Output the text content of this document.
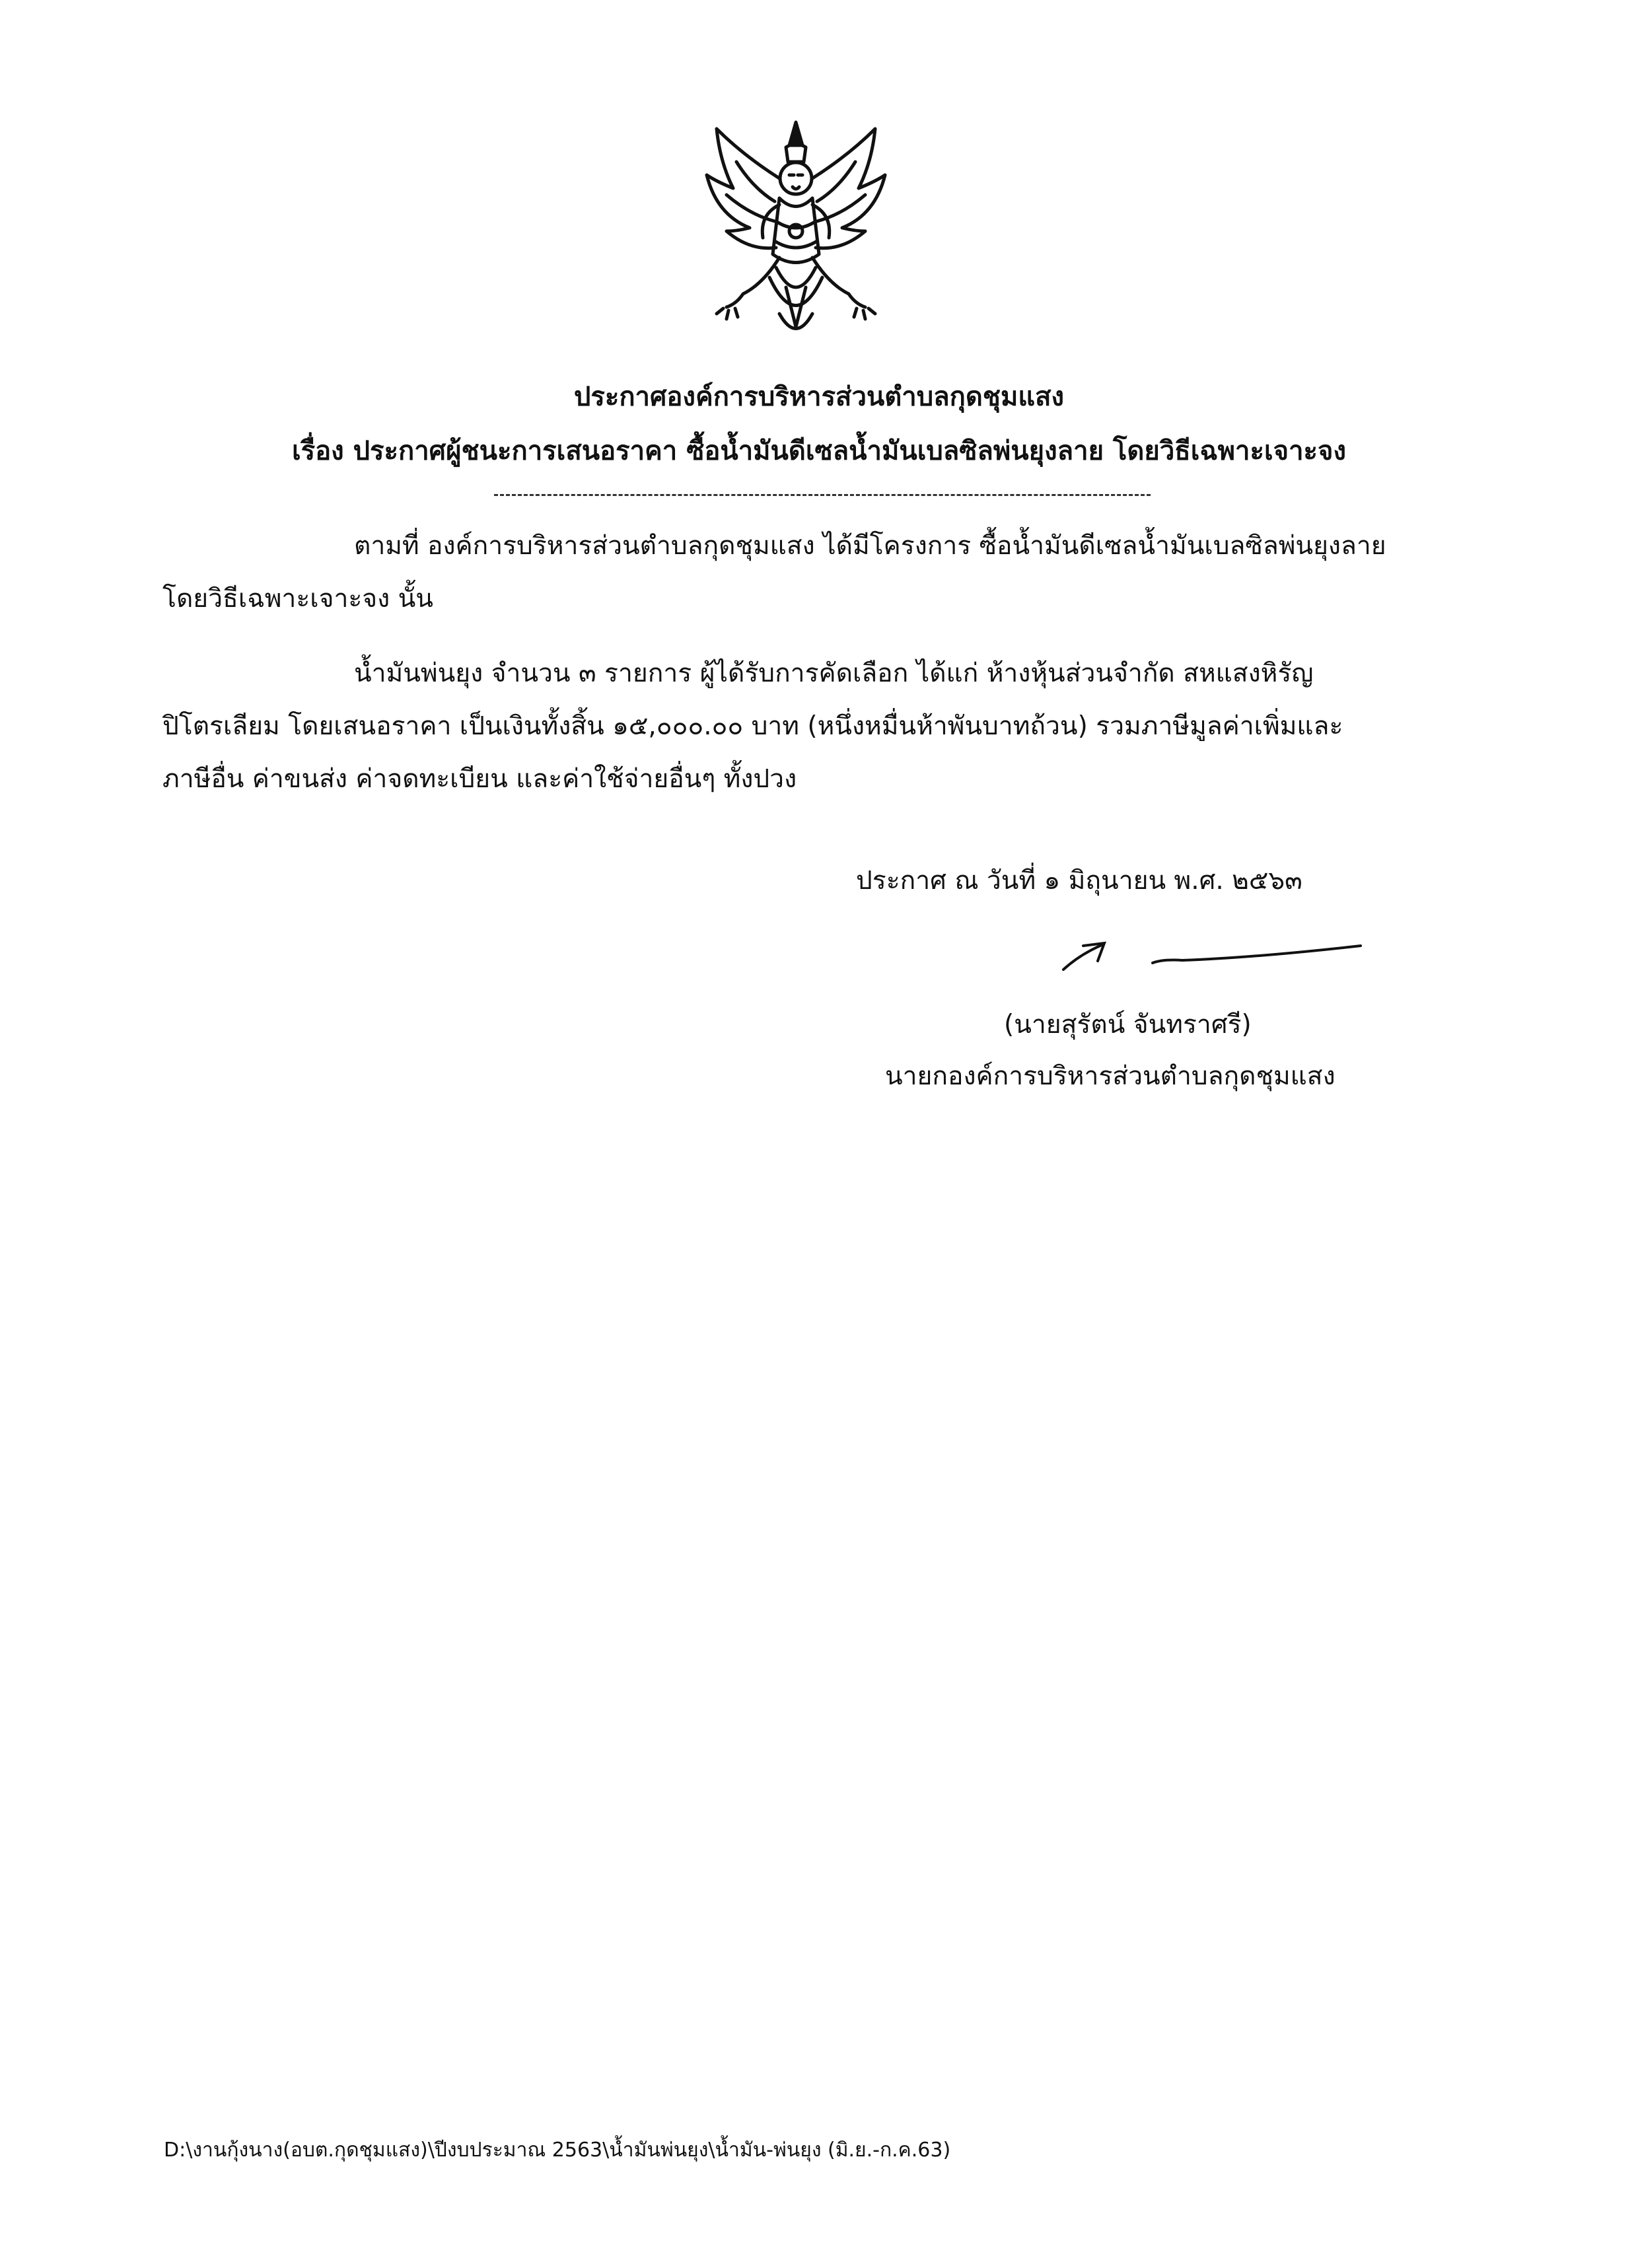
ประกาศองค์การบริหารส่วนตำบลกุดชุมแสง
เรื่อง ประกาศผู้ชนะการเสนอราคา ซื้อน้ำมันดีเซลน้ำมันเบลซิลพ่นยุงลาย โดยวิธีเฉพาะเจาะจง
ตามที่ องค์การบริหารส่วนตำบลกุดชุมแสง ได้มีโครงการ ซื้อน้ำมันดีเซลน้ำมันเบลซิลพ่นยุงลาย
โดยวิธีเฉพาะเจาะจง นั้น
น้ำมันพ่นยุง จำนวน ๓ รายการ ผู้ได้รับการคัดเลือก ได้แก่ ห้างหุ้นส่วนจำกัด สหแสงหิรัญ
ปิโตรเลียม โดยเสนอราคา เป็นเงินทั้งสิ้น ๑๕,๐๐๐.๐๐ บาท (หนึ่งหมื่นห้าพันบาทถ้วน) รวมภาษีมูลค่าเพิ่มและ
ภาษีอื่น ค่าขนส่ง ค่าจดทะเบียน และค่าใช้จ่ายอื่นๆ ทั้งปวง
ประกาศ ณ วันที่ ๑ มิถุนายน พ.ศ. ๒๕๖๓
(นายสุรัตน์ จันทราศรี)
นายกองค์การบริหารส่วนตำบลกุดชุมแสง
D:\งานกุ้งนาง(อบต.กุดชุมแสง)\ปีงบประมาณ 2563\น้ำมันพ่นยุง\น้ำมัน-พ่นยุง (มิ.ย.-ก.ค.63)
